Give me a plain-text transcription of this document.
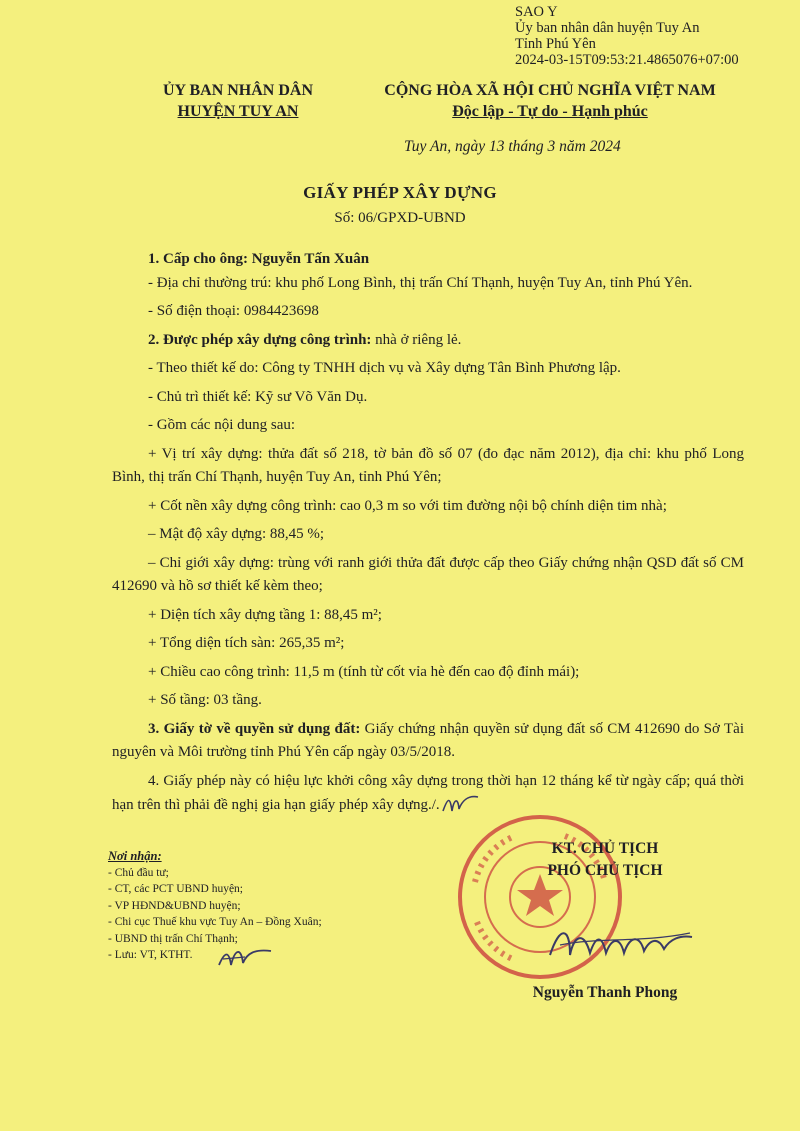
SAO Y
Ủy ban nhân dân huyện Tuy An
Tỉnh Phú Yên
2024-03-15T09:53:21.4865076+07:00
ỦY BAN NHÂN DÂN
HUYỆN TUY AN
CỘNG HÒA XÃ HỘI CHỦ NGHĨA VIỆT NAM
Độc lập - Tự do - Hạnh phúc
Tuy An, ngày 13 tháng 3 năm 2024
GIẤY PHÉP XÂY DỰNG
Số: 06/GPXD-UBND

1. Cấp cho ông: Nguyễn Tấn Xuân

- Địa chỉ thường trú: khu phố Long Bình, thị trấn Chí Thạnh, huyện Tuy An, tỉnh Phú Yên.

- Số điện thoại: 0984423698

2. Được phép xây dựng công trình: nhà ở riêng lẻ.

- Theo thiết kế do: Công ty TNHH dịch vụ và Xây dựng Tân Bình Phương lập.

- Chủ trì thiết kế: Kỹ sư Võ Văn Dụ.

- Gồm các nội dung sau:

+ Vị trí xây dựng: thửa đất số 218, tờ bản đồ số 07 (đo đạc năm 2012), địa chỉ: khu phố Long Bình, thị trấn Chí Thạnh, huyện Tuy An, tỉnh Phú Yên;

+ Cốt nền xây dựng công trình: cao 0,3 m so với tim đường nội bộ chính diện tim nhà;

– Mật độ xây dựng: 88,45 %;

– Chỉ giới xây dựng: trùng với ranh giới thửa đất được cấp theo Giấy chứng nhận QSD đất số CM 412690 và hồ sơ thiết kế kèm theo;

+ Diện tích xây dựng tầng 1: 88,45 m²;

+ Tổng diện tích sàn: 265,35 m²;

+ Chiều cao công trình: 11,5 m (tính từ cốt vỉa hè đến cao độ đỉnh mái);

+ Số tầng: 03 tầng.

3. Giấy tờ về quyền sử dụng đất: Giấy chứng nhận quyền sử dụng đất số CM 412690 do Sở Tài nguyên và Môi trường tỉnh Phú Yên cấp ngày 03/5/2018.

4. Giấy phép này có hiệu lực khởi công xây dựng trong thời hạn 12 tháng kể từ ngày cấp; quá thời hạn trên thì phải đề nghị gia hạn giấy phép xây dựng./.

Nơi nhận:
- Chủ đầu tư;
- CT, các PCT UBND huyện;
- VP HĐND&UBND huyện;
- Chi cục Thuế khu vực Tuy An – Đồng Xuân;
- UBND thị trấn Chí Thạnh;
- Lưu: VT, KTHT.
KT. CHỦ TỊCH
PHÓ CHỦ TỊCH
Nguyễn Thanh Phong
